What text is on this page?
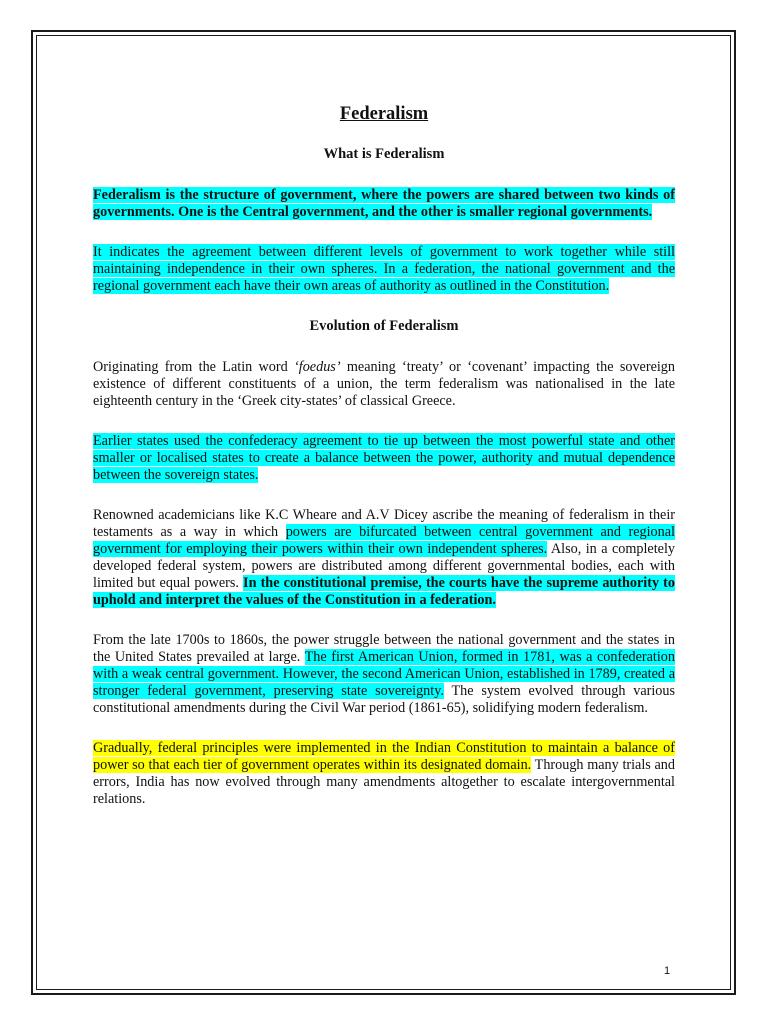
Federalism
What is Federalism

Federalism is the structure of government, where the powers are shared between two kinds of governments. One is the Central government, and the other is smaller regional governments.

It indicates the agreement between different levels of government to work together while still maintaining independence in their own spheres. In a federation, the national government and the regional government each have their own areas of authority as outlined in the Constitution.

Evolution of Federalism

Originating from the Latin word ‘foedus’ meaning ‘treaty’ or ‘covenant’ impacting the sovereign existence of different constituents of a union, the term federalism was nationalised in the late eighteenth century in the ‘Greek city-states’ of classical Greece.

Earlier states used the confederacy agreement to tie up between the most powerful state and other smaller or localised states to create a balance between the power, authority and mutual dependence between the sovereign states.

Renowned academicians like K.C Wheare and A.V Dicey ascribe the meaning of federalism in their testaments as a way in which powers are bifurcated between central government and regional government for employing their powers within their own independent spheres. Also, in a completely developed federal system, powers are distributed among different governmental bodies, each with limited but equal powers. In the constitutional premise, the courts have the supreme authority to uphold and interpret the values of the Constitution in a federation.

From the late 1700s to 1860s, the power struggle between the national government and the states in the United States prevailed at large. The first American Union, formed in 1781, was a confederation with a weak central government. However, the second American Union, established in 1789, created a stronger federal government, preserving state sovereignty. The system evolved through various constitutional amendments during the Civil War period (1861-65), solidifying modern federalism.

Gradually, federal principles were implemented in the Indian Constitution to maintain a balance of power so that each tier of government operates within its designated domain. Through many trials and errors, India has now evolved through many amendments altogether to escalate intergovernmental relations.

1
